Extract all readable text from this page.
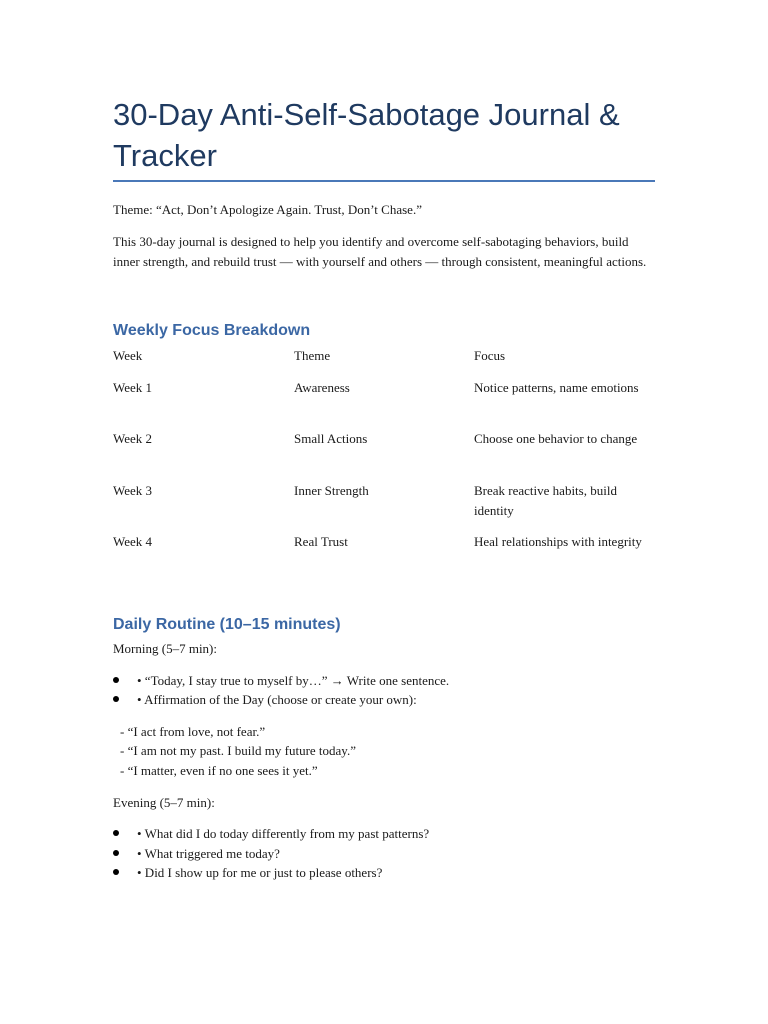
30-Day Anti-Self-Sabotage Journal & Tracker

Theme: “Act, Don’t Apologize Again. Trust, Don’t Chase.”

This 30-day journal is designed to help you identify and overcome self-sabotaging behaviors, build inner strength, and rebuild trust — with yourself and others — through consistent, meaningful actions.

Weekly Focus Breakdown
Week	Theme	Focus
Week 1	Awareness	Notice patterns, name emotions
Week 2	Small Actions	Choose one behavior to change
Week 3	Inner Strength	Break reactive habits, build identity
Week 4	Real Trust	Heal relationships with integrity
Daily Routine (10–15 minutes)

Morning (5–7 min):

• “Today, I stay true to myself by…” → Write one sentence.
• Affirmation of the Day (choose or create your own):
- “I act from love, not fear.”
- “I am not my past. I build my future today.”
- “I matter, even if no one sees it yet.”

Evening (5–7 min):

• What did I do today differently from my past patterns?
• What triggered me today?
• Did I show up for me or just to please others?
